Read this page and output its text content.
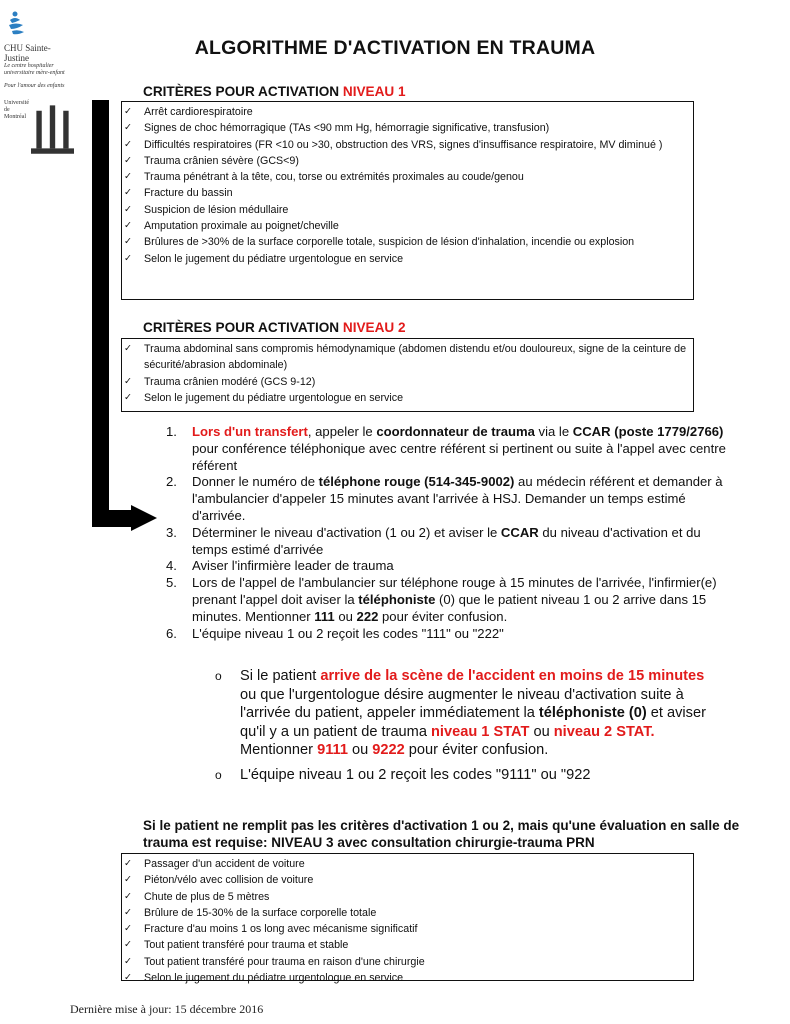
CHU Sainte-Justine
Le centre hospitalier
universitaire mère-enfant
Pour l'amour des enfants
Université
de Montréal
ALGORITHME D'ACTIVATION EN TRAUMA
CRITÈRES POUR ACTIVATION NIVEAU 1
✓ Arrêt cardiorespiratoire
✓ Signes de choc hémorragique (TAs <90 mm Hg, hémorragie significative, transfusion)
✓ Difficultés respiratoires (FR <10 ou >30, obstruction des VRS, signes d'insuffisance respiratoire, MV diminué )
✓ Trauma crânien sévère (GCS<9)
✓ Trauma pénétrant à la tête, cou, torse ou extrémités proximales au coude/genou
✓ Fracture du bassin
✓ Suspicion de lésion médullaire
✓ Amputation proximale au poignet/cheville
✓ Brûlures de >30% de la surface corporelle totale, suspicion de lésion d'inhalation, incendie ou explosion
✓ Selon le jugement du pédiatre urgentologue en service
CRITÈRES POUR ACTIVATION NIVEAU 2
✓ Trauma abdominal sans compromis hémodynamique (abdomen distendu et/ou douloureux, signe de la ceinture de sécurité/abrasion abdominale)
✓ Trauma crânien modéré (GCS 9-12)
✓ Selon le jugement du pédiatre urgentologue en service
1. Lors d'un transfert, appeler le coordonnateur de trauma via le CCAR (poste 1779/2766) pour conférence téléphonique avec centre référent si pertinent ou suite à l'appel avec centre référent
2. Donner le numéro de téléphone rouge (514-345-9002) au médecin référent et demander à l'ambulancier d'appeler 15 minutes avant l'arrivée à HSJ. Demander un temps estimé d'arrivée.
3. Déterminer le niveau d'activation (1 ou 2) et aviser le CCAR du niveau d'activation et du temps estimé d'arrivée
4. Aviser l'infirmière leader de trauma
5. Lors de l'appel de l'ambulancier sur téléphone rouge à 15 minutes de l'arrivée, l'infirmier(e) prenant l'appel doit aviser la téléphoniste (0) que le patient niveau 1 ou 2 arrive dans 15 minutes. Mentionner 111 ou 222 pour éviter confusion.
6. L'équipe niveau 1 ou 2 reçoit les codes "111" ou "222"
o Si le patient arrive de la scène de l'accident en moins de 15 minutes ou que l'urgentologue désire augmenter le niveau d'activation suite à l'arrivée du patient, appeler immédiatement la téléphoniste (0) et aviser qu'il y a un patient de trauma niveau 1 STAT ou niveau 2 STAT. Mentionner 9111 ou 9222 pour éviter confusion.
o L'équipe niveau 1 ou 2 reçoit les codes "9111" ou "922
Si le patient ne remplit pas les critères d'activation 1 ou 2, mais qu'une évaluation en salle de trauma est requise: NIVEAU 3 avec consultation chirurgie-trauma PRN
✓ Passager d'un accident de voiture
✓ Piéton/vélo avec collision de voiture
✓ Chute de plus de 5 mètres
✓ Brûlure de 15-30% de la surface corporelle totale
✓ Fracture d'au moins 1 os long avec mécanisme significatif
✓ Tout patient transféré pour trauma et stable
✓ Tout patient transféré pour trauma en raison d'une chirurgie
✓ Selon le jugement du pédiatre urgentologue en service
Dernière mise à jour: 15 décembre 2016
